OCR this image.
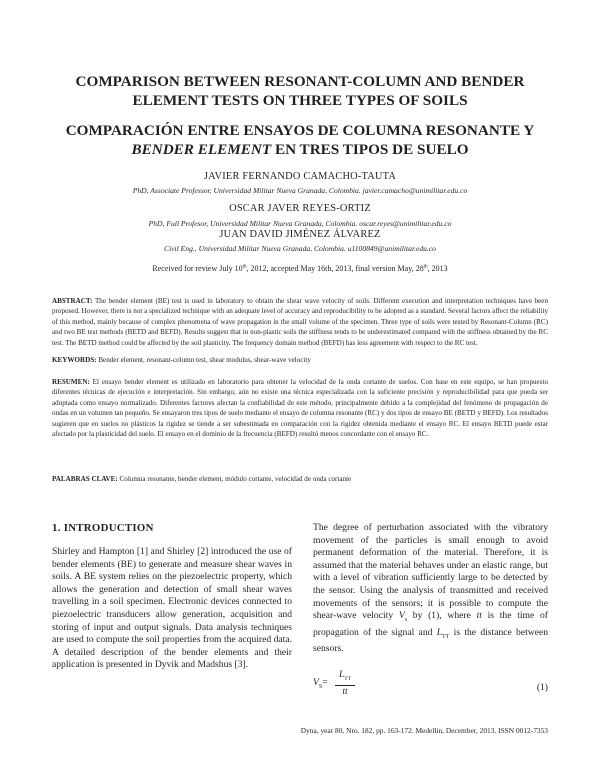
COMPARISON BETWEEN RESONANT-COLUMN AND BENDER
ELEMENT TESTS ON THREE TYPES OF SOILS
COMPARACIÓN ENTRE ENSAYOS DE COLUMNA RESONANTE Y
BENDER ELEMENT EN TRES TIPOS DE SUELO
JAVIER FERNANDO CAMACHO-TAUTA
PhD, Associate Professor, Universidad Militar Nueva Granada, Colombia. javier.camacho@unimilitar.edu.co
OSCAR JAVER REYES-ORTIZ
PhD, Full Profesor, Universidad Militar Nueva Granada, Colombia. oscar.reyes@unimilitar.edu.co
JUAN DAVID JIMÉNEZ ÁLVAREZ
Civil Eng., Universidad Militar Nueva Granada, Colombia. u1100849@unimilitar.edu.co
Received for review July 10th, 2012, accepted May 16th, 2013, final version May, 28th, 2013
ABSTRACT: The bender element (BE) test is used in laboratory to obtain the shear wave velocity of soils. Different execution and interpretation techniques have been proposed. However, there is not a specialized technique with an adequate level of accuracy and reproducibility to be adopted as a standard. Several factors affect the reliability of this method, mainly because of complex phenomena of wave propagation in the small volume of the specimen. Three type of soils were tested by Resonant-Column (RC) and two BE test methods (BETD and BEFD). Results suggest that in non-plastic soils the stiffness tends to be underestimated compared with the stiffness obtained by the RC test. The BETD method could be affected by the soil plasticity. The frequency domain method (BEFD) has less agreement with respect to the RC test.
KEYWORDS: Bender element, resonant-column test, shear modulus, shear-wave velocity
RESUMEN: El ensayo bender element es utilizado en laboratorio para obtener la velocidad de la onda cortante de suelos. Con base en este equipo, se han propuesto diferentes técnicas de ejecución e interpretación. Sin embargo, aún no existe una técnica especializada con la suficiente precisión y reproducibilidad para que pueda ser adoptada como ensayo normalizado. Diferentes factores afectan la confiabilidad de este método, principalmente debido a la complejidad del fenómeno de propagación de ondas en un volumen tan pequeño. Se ensayaron tres tipos de suelo mediante el ensayo de columna resonante (RC) y dos tipos de ensayo BE (BETD y BEFD). Los resultados sugieren que en suelos no plásticos la rigidez se tiende a ser subestimada en comparación con la rigidez obtenida mediante el ensayo RC. El ensayo BETD puede estar afectado por la plasticidad del suelo. El ensayo en el dominio de la frecuencia (BEFD) resultó menos concordante con el ensayo RC.
PALABRAS CLAVE: Columna resonante, bender element, módulo cortante, velocidad de onda cortante
1. INTRODUCTION
Shirley and Hampton [1] and Shirley [2] introduced the use of bender elements (BE) to generate and measure shear waves in soils. A BE system relies on the piezoelectric property, which allows the generation and detection of small shear waves travelling in a soil specimen. Electronic devices connected to piezoelectric transducers allow generation, acquisition and storing of input and output signals. Data analysis techniques are used to compute the soil properties from the acquired data. A detailed description of the bender elements and their application is presented in Dyvik and Madshus [3].
The degree of perturbation associated with the vibratory movement of the particles is small enough to avoid permanent deformation of the material. Therefore, it is assumed that the material behaves under an elastic range, but with a level of vibration sufficiently large to be detected by the sensor. Using the analysis of transmitted and received movements of the sensors; it is possible to compute the shear-wave velocity $V_s$ by (1), where tt is the time of propagation of the signal and $L_{TT}$ is the distance between sensors.
$V_S=$
$L_{TT}$
tt	(1)
Dyna, year 80, Nro. 182, pp. 163-172. Medellin, December, 2013. ISSN 0012-7353
